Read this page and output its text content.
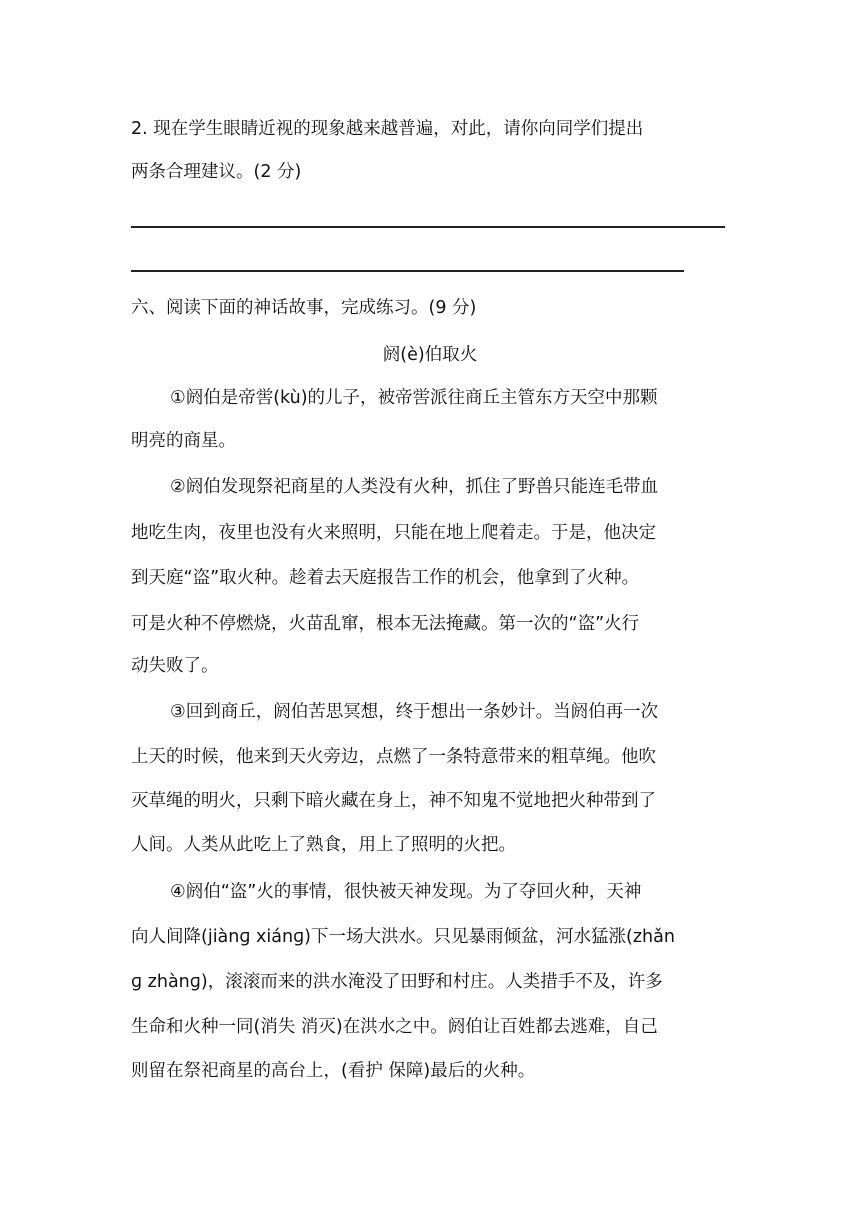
2. 现在学生眼睛近视的现象越来越普遍，对此，请你向同学们提出
两条合理建议。(2 分)
六、阅读下面的神话故事，完成练习。(9 分)
阏(è)伯取火
①阏伯是帝喾(kù)的儿子，被帝喾派往商丘主管东方天空中那颗
明亮的商星。
②阏伯发现祭祀商星的人类没有火种，抓住了野兽只能连毛带血
地吃生肉，夜里也没有火来照明，只能在地上爬着走。于是，他决定
到天庭“盗”取火种。趁着去天庭报告工作的机会，他拿到了火种。
可是火种不停燃烧，火苗乱窜，根本无法掩藏。第一次的“盗”火行
动失败了。
③回到商丘，阏伯苦思冥想，终于想出一条妙计。当阏伯再一次
上天的时候，他来到天火旁边，点燃了一条特意带来的粗草绳。他吹
灭草绳的明火，只剩下暗火藏在身上，神不知鬼不觉地把火种带到了
人间。人类从此吃上了熟食，用上了照明的火把。
④阏伯“盗”火的事情，很快被天神发现。为了夺回火种，天神
向人间降(jiànɡ xiánɡ)下一场大洪水。只见暴雨倾盆，河水猛涨(zhǎn
ɡ zhànɡ)，滚滚而来的洪水淹没了田野和村庄。人类措手不及，许多
生命和火种一同(消失 消灭)在洪水之中。阏伯让百姓都去逃难，自己
则留在祭祀商星的高台上，(看护 保障)最后的火种。
